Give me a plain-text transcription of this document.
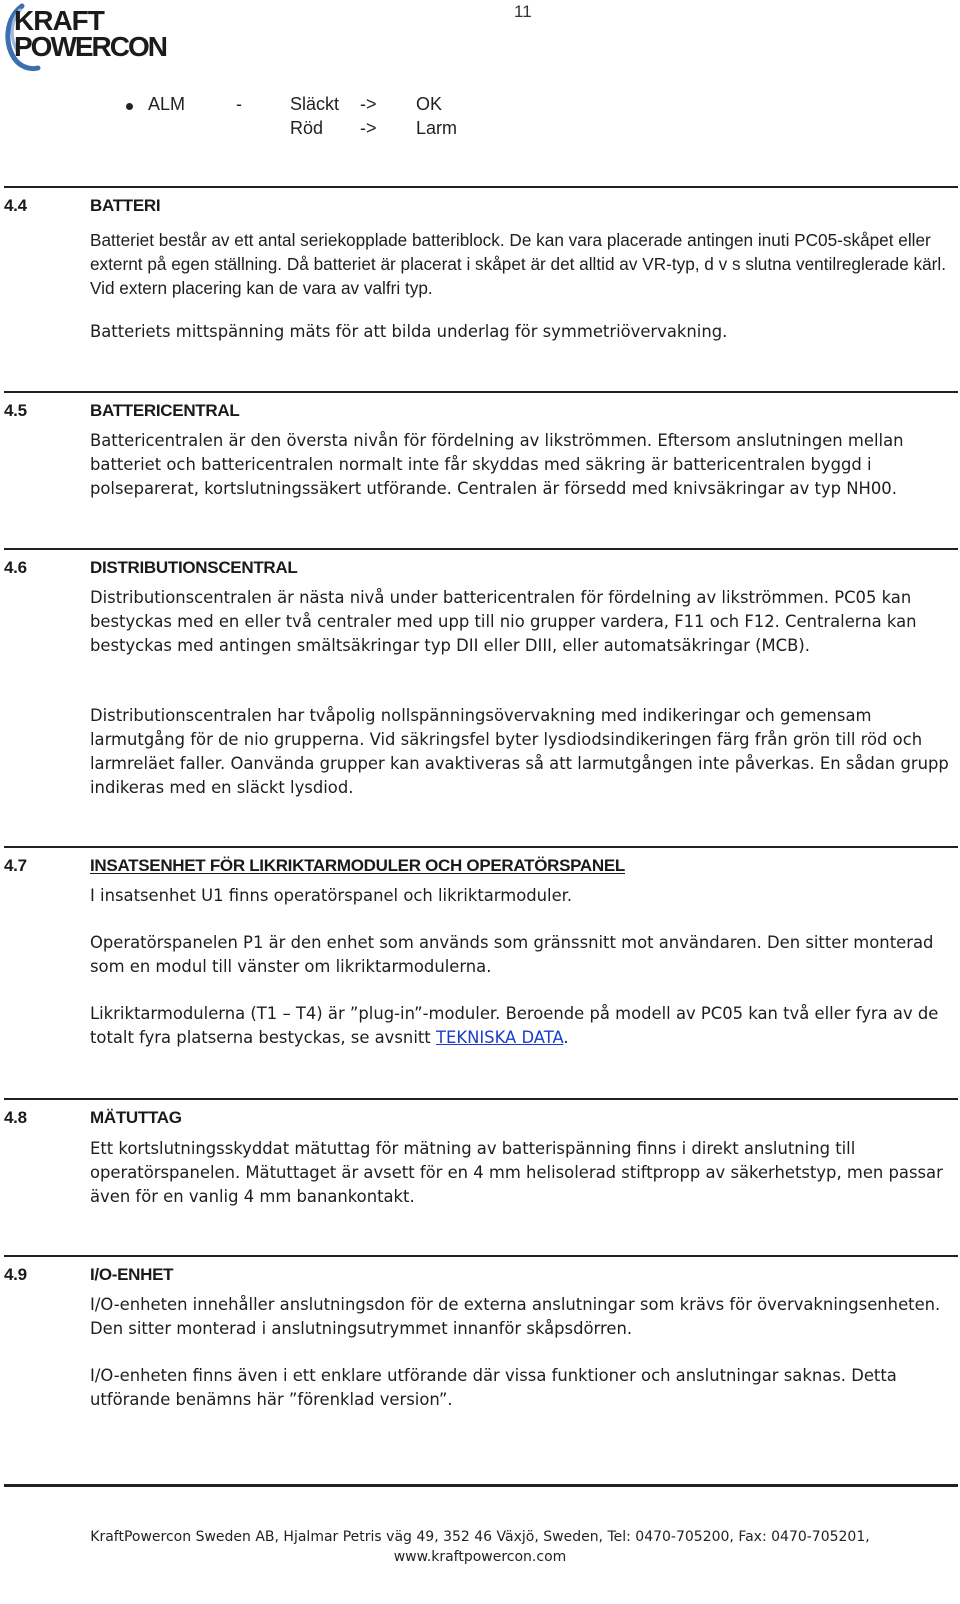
KRAFT
POWERCON
11
ALM	-	Släckt -> OK
Röd -> Larm
4.4	BATTERI

Batteriet består av ett antal seriekopplade batteriblock. De kan vara placerade antingen inuti PC05-skåpet eller externt på egen ställning. Då batteriet är placerat i skåpet är det alltid av VR-typ, d v s slutna ventilreglerade kärl. Vid extern placering kan de vara av valfri typ.

Batteriets mittspänning mäts för att bilda underlag för symmetriövervakning.

4.5	BATTERICENTRAL

Battericentralen är den översta nivån för fördelning av likströmmen. Eftersom anslutningen mellan batteriet och battericentralen normalt inte får skyddas med säkring är battericentralen byggd i polseparerat, kortslutningssäkert utförande. Centralen är försedd med knivsäkringar av typ NH00.

4.6	DISTRIBUTIONSCENTRAL

Distributionscentralen är nästa nivå under battericentralen för fördelning av likströmmen. PC05 kan bestyckas med en eller två centraler med upp till nio grupper vardera, F11 och F12. Centralerna kan bestyckas med antingen smältsäkringar typ DII eller DIII, eller automatsäkringar (MCB).

Distributionscentralen har tvåpolig nollspänningsövervakning med indikeringar och gemensam larmutgång för de nio grupperna. Vid säkringsfel byter lysdiodsindikeringen färg från grön till röd och larmreläet faller. Oanvända grupper kan avaktiveras så att larmutgången inte påverkas. En sådan grupp indikeras med en släckt lysdiod.

4.7	INSATSENHET FÖR LIKRIKTARMODULER OCH OPERATÖRSPANEL

I insatsenhet U1 finns operatörspanel och likriktarmoduler.

Operatörspanelen P1 är den enhet som används som gränssnitt mot användaren. Den sitter monterad som en modul till vänster om likriktarmodulerna.

Likriktarmodulerna (T1 – T4) är ”plug-in”-moduler. Beroende på modell av PC05 kan två eller fyra av de totalt fyra platserna bestyckas, se avsnitt TEKNISKA DATA.

4.8	MÄTUTTAG

Ett kortslutningsskyddat mätuttag för mätning av batterispänning finns i direkt anslutning till operatörspanelen. Mätuttaget är avsett för en 4 mm helisolerad stiftpropp av säkerhetstyp, men passar även för en vanlig 4 mm banankontakt.

4.9	I/O-ENHET

I/O-enheten innehåller anslutningsdon för de externa anslutningar som krävs för övervakningsenheten. Den sitter monterad i anslutningsutrymmet innanför skåpsdörren.

I/O-enheten finns även i ett enklare utförande där vissa funktioner och anslutningar saknas. Detta utförande benämns här ”förenklad version”.

KraftPowercon Sweden AB, Hjalmar Petris väg 49, 352 46 Växjö, Sweden, Tel: 0470-705200, Fax: 0470-705201,
www.kraftpowercon.com
